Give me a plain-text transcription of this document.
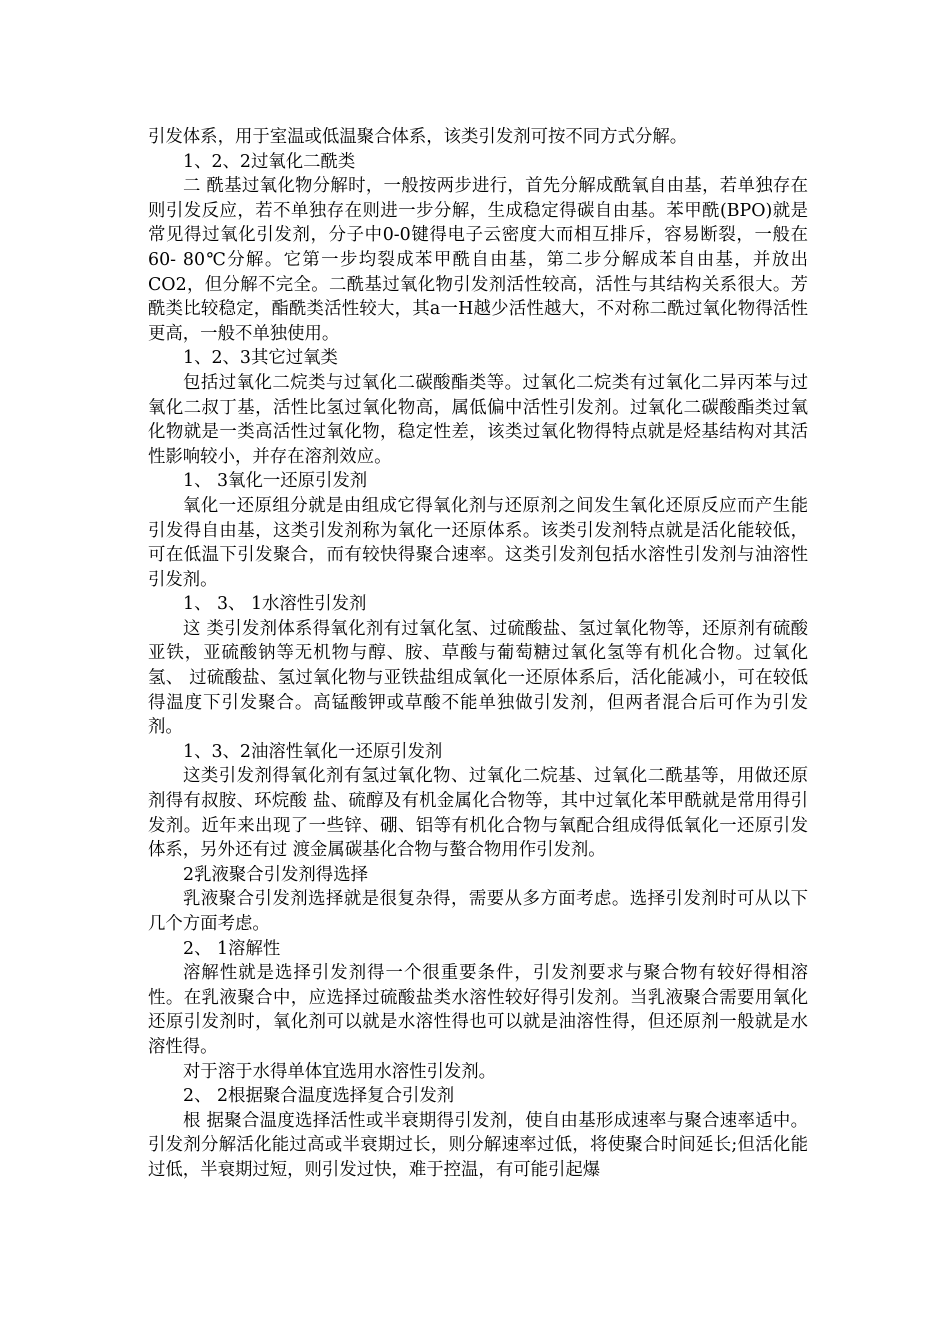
引发体系，用于室温或低温聚合体系，该类引发剂可按不同方式分解。

1、2、2过氧化二酰类

二 酰基过氧化物分解时，一般按两步进行，首先分解成酰氧自由基，若单独存在则引发反应，若不单独存在则进一步分解，生成稳定得碳自由基。苯甲酰(BPO)就是 常见得过氧化引发剂，分子中0-0键得电子云密度大而相互排斥，容易断裂，一般在60- 80℃分解。它第一步均裂成苯甲酰自由基，第二步分解成苯自由基，并放出CO2，但分解不完全。二酰基过氧化物引发剂活性较高，活性与其结构关系很大。芳酰类比较稳定，酯酰类活性较大，其a一H越少活性越大，不对称二酰过氧化物得活性更高，一般不单独使用。

1、2、3其它过氧类

包括过氧化二烷类与过氧化二碳酸酯类等。过氧化二烷类有过氧化二异丙苯与过氧化二叔丁基，活性比氢过氧化物高，属低偏中活性引发剂。过氧化二碳酸酯类过氧化物就是一类高活性过氧化物，稳定性差，该类过氧化物得特点就是烃基结构对其活性影响较小，并存在溶剂效应。

1、 3氧化一还原引发剂

氧化一还原组分就是由组成它得氧化剂与还原剂之间发生氧化还原反应而产生能引发得自由基，这类引发剂称为氧化一还原体系。该类引发剂特点就是活化能较低，可在低温下引发聚合，而有较快得聚合速率。这类引发剂包括水溶性引发剂与油溶性引发剂。

1、 3、 1水溶性引发剂

这 类引发剂体系得氧化剂有过氧化氢、过硫酸盐、氢过氧化物等，还原剂有硫酸亚铁，亚硫酸钠等无机物与醇、胺、草酸与葡萄糖过氧化氢等有机化合物。过氧化氢、 过硫酸盐、氢过氧化物与亚铁盐组成氧化一还原体系后，活化能减小，可在较低得温度下引发聚合。高锰酸钾或草酸不能单独做引发剂，但两者混合后可作为引发 剂。

1、3、2油溶性氧化一还原引发剂

这类引发剂得氧化剂有氢过氧化物、过氧化二烷基、过氧化二酰基等，用做还原剂得有叔胺、环烷酸 盐、硫醇及有机金属化合物等，其中过氧化苯甲酰就是常用得引发剂。近年来出现了一些锌、硼、铝等有机化合物与氧配合组成得低氧化一还原引发体系，另外还有过 渡金属碳基化合物与螯合物用作引发剂。

2乳液聚合引发剂得选择

乳液聚合引发剂选择就是很复杂得，需要从多方面考虑。选择引发剂时可从以下几个方面考虑。

2、 1溶解性

溶解性就是选择引发剂得一个很重要条件，引发剂要求与聚合物有较好得相溶性。在乳液聚合中，应选择过硫酸盐类水溶性较好得引发剂。当乳液聚合需要用氧化还原引发剂时，氧化剂可以就是水溶性得也可以就是油溶性得，但还原剂一般就是水溶性得。

对于溶于水得单体宜选用水溶性引发剂。

2、 2根据聚合温度选择复合引发剂

根 据聚合温度选择活性或半衰期得引发剂，使自由基形成速率与聚合速率适中。引发剂分解活化能过高或半衰期过长，则分解速率过低，将使聚合时间延长;但活化能 过低，半衰期过短，则引发过快，难于控温，有可能引起爆
